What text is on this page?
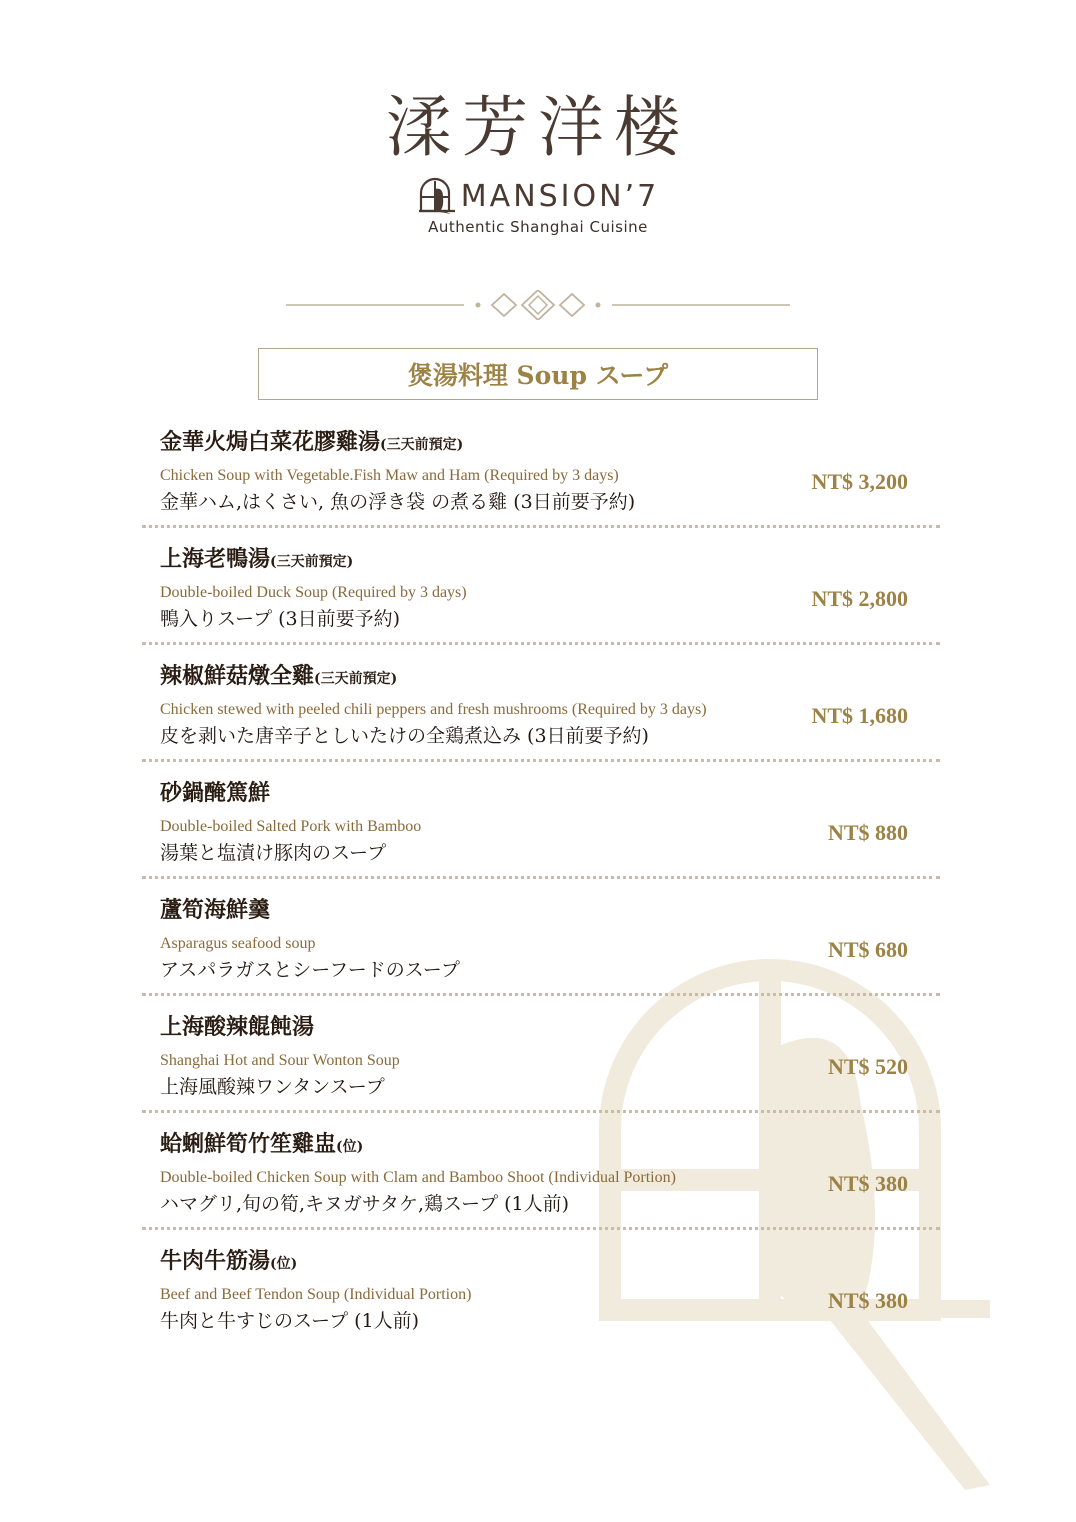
渘芳洋楼
MANSION’7
Authentic Shanghai Cuisine
煲湯料理 Soup スープ
金華火焗白菜花膠雞湯(三天前預定)
Chicken Soup with Vegetable.Fish Maw and Ham (Required by 3 days)
金華ハム,はくさい, 魚の浮き袋 の煮る雞 (3日前要予約)
NT$ 3,200
上海老鴨湯(三天前預定)
Double-boiled Duck Soup (Required by 3 days)
鴨入りスープ (3日前要予約)
NT$ 2,800
辣椒鮮菇燉全雞(三天前預定)
Chicken stewed with peeled chili peppers and fresh mushrooms (Required by 3 days)
皮を剥いた唐辛子としいたけの全鶏煮込み (3日前要予約)
NT$ 1,680
砂鍋醃篤鮮
Double-boiled Salted Pork with Bamboo
湯葉と塩漬け豚肉のスープ
NT$ 880
蘆筍海鮮羹
Asparagus seafood soup
アスパラガスとシーフードのスープ
NT$ 680
上海酸辣餛飩湯
Shanghai Hot and Sour Wonton Soup
上海風酸辣ワンタンスープ
NT$ 520
蛤蜊鮮筍竹笙雞盅(位)
Double-boiled Chicken Soup with Clam and Bamboo Shoot (Individual Portion)
ハマグリ,旬の筍,キヌガサタケ,鶏スープ (1人前)
NT$ 380
牛肉牛筋湯(位)
Beef and Beef Tendon Soup (Individual Portion)
牛肉と牛すじのスープ (1人前)
NT$ 380
